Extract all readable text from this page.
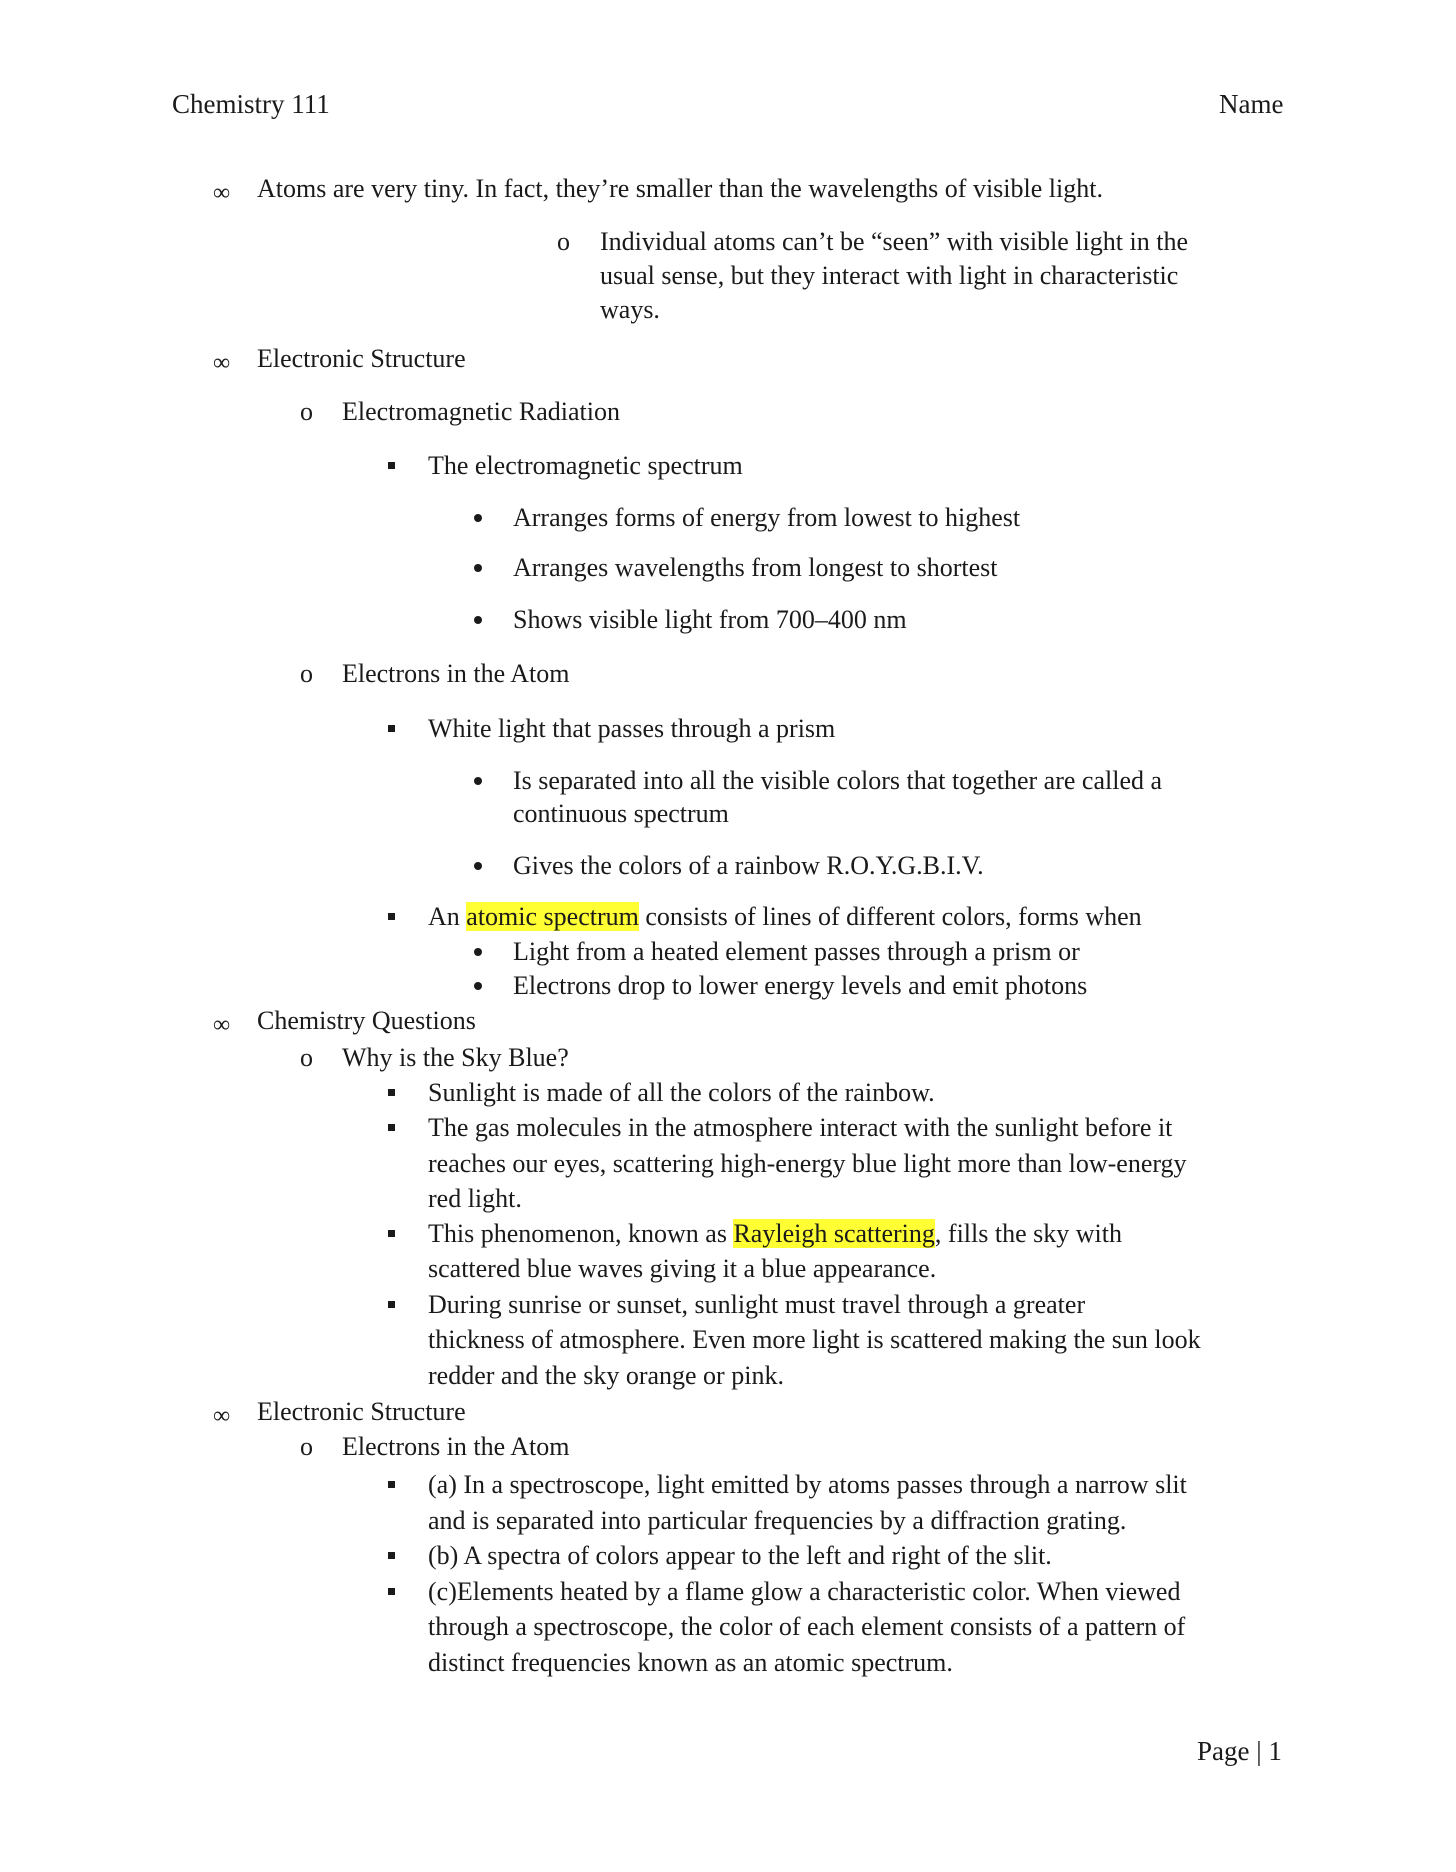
Chemistry 111	Name
∞ Atoms are very tiny. In fact, they’re smaller than the wavelengths of visible light.
o Individual atoms can’t be “seen” with visible light in the
usual sense, but they interact with light in characteristic
ways.
∞ Electronic Structure
o Electromagnetic Radiation
The electromagnetic spectrum
Arranges forms of energy from lowest to highest
Arranges wavelengths from longest to shortest
Shows visible light from 700–400 nm
o Electrons in the Atom
White light that passes through a prism
Is separated into all the visible colors that together are called a
continuous spectrum
Gives the colors of a rainbow R.O.Y.G.B.I.V.
An atomic spectrum consists of lines of different colors, forms when
Light from a heated element passes through a prism or
Electrons drop to lower energy levels and emit photons
∞ Chemistry Questions
o Why is the Sky Blue?
Sunlight is made of all the colors of the rainbow.
The gas molecules in the atmosphere interact with the sunlight before it
reaches our eyes, scattering high-energy blue light more than low-energy
red light.
This phenomenon, known as Rayleigh scattering, fills the sky with
scattered blue waves giving it a blue appearance.
During sunrise or sunset, sunlight must travel through a greater
thickness of atmosphere. Even more light is scattered making the sun look
redder and the sky orange or pink.
∞ Electronic Structure
o Electrons in the Atom
(a) In a spectroscope, light emitted by atoms passes through a narrow slit
and is separated into particular frequencies by a diffraction grating.
(b) A spectra of colors appear to the left and right of the slit.
(c)Elements heated by a flame glow a characteristic color. When viewed
through a spectroscope, the color of each element consists of a pattern of
distinct frequencies known as an atomic spectrum.
Page | 1
